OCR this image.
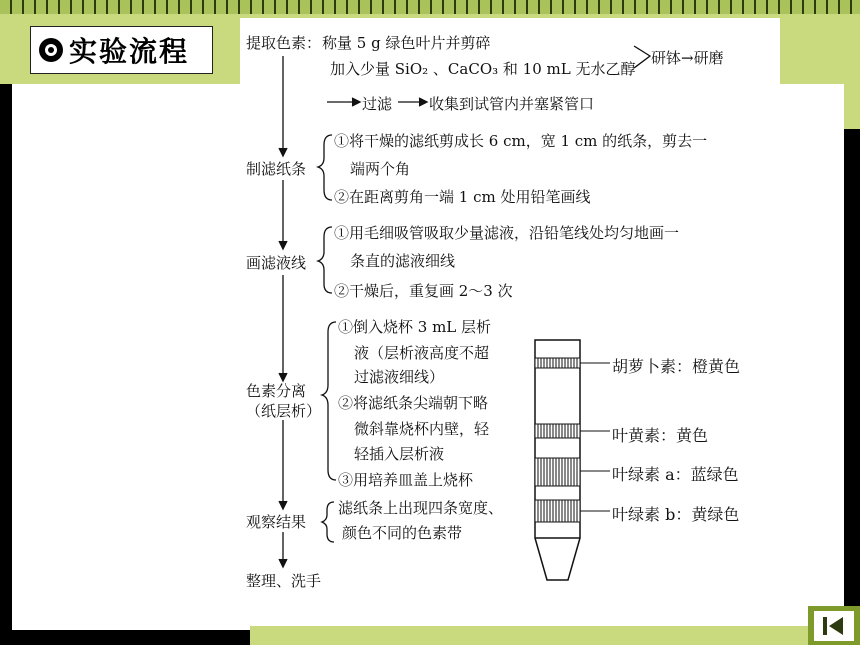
实验流程	提取色素： 称量 5 g 绿色叶片并剪碎
加入少量 SiO₂ 、CaCO₃ 和 10 mL 无水乙醇
研钵→研磨
过滤 收集到试管内并塞紧管口
制滤纸条
①将干燥的滤纸剪成长 6 cm，宽 1 cm 的纸条，剪去一
端两个角
②在距离剪角一端 1 cm 处用铅笔画线
画滤液线
①用毛细吸管吸取少量滤液，沿铅笔线处均匀地画一
条直的滤液细线
②干燥后，重复画 2～3 次
色素分离
（纸层析）
①倒入烧杯 3 mL 层析
液（层析液高度不超
过滤液细线）
②将滤纸条尖端朝下略
微斜靠烧杯内壁，轻
轻插入层析液
③用培养皿盖上烧杯
观察结果
滤纸条上出现四条宽度、
颜色不同的色素带
整理、洗手
胡萝卜素：橙黄色
叶黄素：黄色
叶绿素 a：蓝绿色
叶绿素 b：黄绿色
